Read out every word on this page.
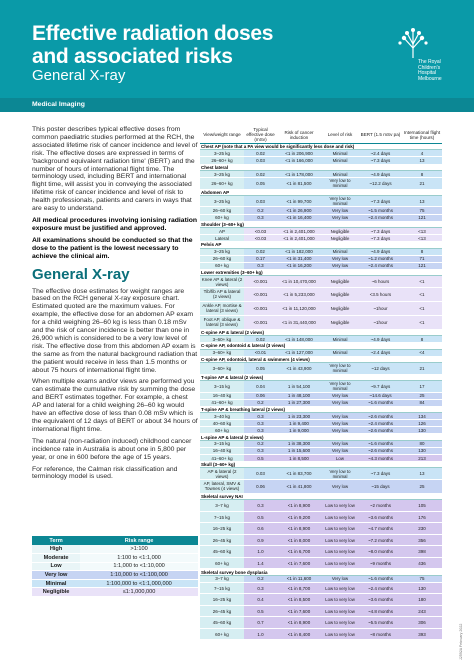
Effective radiation doses
and associated risks
General X-ray
The Royal
Children's
Hospital
Melbourne
Medical Imaging

This poster describes typical effective doses from common paediatric studies performed at the RCH, the associated lifetime risk of cancer incidence and level of risk. The effective doses are expressed in terms of 'background equivalent radiation time' (BERT) and the number of hours of international flight time. The terminology used, including BERT and international flight time, will assist you in conveying the associated lifetime risk of cancer incidence and level of risk to health professionals, patients and carers in ways that are easy to understand.

All medical procedures involving ionising radiation exposure must be justified and approved.

All examinations should be conducted so that the dose to the patient is the lowest necessary to achieve the clinical aim.

General X-ray

The effective dose estimates for weight ranges are based on the RCH general X-ray exposure chart. Estimated quoted are the maximum values. For example, the effective dose for an abdomen AP exam for a child weighing 26–60 kg is less than 0.18 mSv and the risk of cancer incidence is better than one in 26,900 which is considered to be a very low level of risk. The effective dose from this abdomen AP exam is the same as from the natural background radiation that the patient would receive in less than 1.5 months or about 75 hours of international flight time.

When multiple exams and/or views are performed you can estimate the cumulative risk by summing the dose and BERT estimates together. For example, a chest AP and lateral for a child weighing 26–60 kg would have an effective dose of less than 0.08 mSv which is the equivalent of 12 days of BERT or about 34 hours of international flight time.

The natural (non-radiation induced) childhood cancer incidence rate in Australia is about one in 5,800 per year, or one in 600 before the age of 15 years.

For reference, the Calman risk classification and terminology model is used.

Term	Risk range
High	>1:100
Moderate	1:100 to <1:1,000
Low	1:1,000 to <1:10,000
Very low	1:10,000 to <1:100,000
Minimal	1:100,000 to <1:1,000,000
Negligible	≤1:1,000,000
View/weight range	Typical effective dose (mSv)	Risk of cancer induction	Level of risk	BERT (1.5 mSv pa)	International flight time (hours)
Chest AP (note that a PA view would be significantly less dose and risk)					
3–25 kg	0.02	<1 in 206,900	Minimal	~2.4 days	4
26–60+ kg	0.03	<1 in 166,000	Minimal	~7.3 days	13
Chest lateral					
3–25 kg	0.02	<1 in 178,000	Minimal	~4.9 days	8
26–60+ kg	0.05	<1 in 81,500	Very low to minimal	~12.2 days	21
Abdomen AP					
3–25 kg	0.03	<1 in 99,700	Very low to minimal	~7.3 days	13
26–60 kg	0.2	<1 in 26,900	Very low	~1.5 months	75
60+ kg	0.3	<1 in 16,400	Very low	~2.4 months	121
Shoulder (3–60+ kg)					
AP	<0.03	<1 in 2,401,000	Negligible	~7.3 days	<13
Lateral	<0.03	<1 in 2,401,000	Negligible	~7.3 days	<13
Pelvis AP					
3–25 kg	0.02	<1 in 182,000	Minimal	~4.9 days	8
26–60 kg	0.17	<1 in 31,400	Very low	~1.2 months	71
60+ kg	0.3	<1 in 16,200	Very low	~2.4 months	121
Lower extremities (3–60+ kg)					
Knee AP & lateral (2 views)	<0.001	<1 in 10,470,000	Negligible	~6 hours	<1
Tib/fib AP & lateral (2 views)	<0.001	<1 in 5,233,000	Negligible	<3.5 hours	<1
Ankle AP, mortise & lateral (3 views)	<0.001	<1 in 11,120,000	Negligible	~1hour	<1
Foot AP, oblique & lateral (3 views)	<0.001	<1 in 31,440,000	Negligible	~1hour	<1
C-spine AP & lateral (2 views)					
3–60+ kg	0.02	<1 in 148,000	Minimal	~4.9 days	8
C-spine AP, odontoid & lateral (3 views)					
3–60+ kg	<0.01	<1 in 127,000	Minimal	~2.4 days	<4
C-spine AP, odontoid, lateral & swimmers (4 views)					
3–60+ kg	0.05	<1 in 43,900	Very low to minimal	~12 days	21
T-spine AP & lateral (2 views)					
3–15 kg	0.04	1 in 54,100	Very low to minimal	~9.7 days	17
16–40 kg	0.06	1 in 48,100	Very low	~14.6 days	25
41–60+ kg	0.2	1 in 27,300	Very low	~1.6 months	84
T-spine AP & breathing lateral (2 views)					
3–40 kg	0.3	1 in 23,300	Very low	~2.6 months	134
40–60 kg	0.3	1 in 9,400	Very low	~2.4 months	126
60+ kg	0.3	1 in 9,000	Very low	~2.6 months	130
L-spine AP & lateral (2 views)					
3–15 kg	0.2	1 in 38,300	Very low	~1.6 months	80
16–40 kg	0.3	1 in 15,600	Very low	~2.6 months	130
41–60+ kg	0.5	1 in 8,500	Low	~4.3 months	213
Skull (3–60+ kg)					
AP & lateral (2 views)	0.03	<1 in 83,700	Very low to minimal	~7.3 days	13
AP, lateral, SMV & Townes (4 views)	0.06	<1 in 41,800	Very low	~15 days	25
Skeletal survey NAI					
3–7 kg	0.3	<1 in 8,900	Low to very low	~2 months	105
7–15 kg	0.5	<1 in 9,200	Low to very low	~3.6 months	176
16–25 kg	0.6	<1 in 8,900	Low to very low	~4.7 months	230
26–45 kg	0.9	<1 in 8,000	Low to very low	~7.2 months	356
45–60 kg	1.0	<1 in 6,700	Low to very low	~8.0 months	398
60+ kg	1.4	<1 in 7,600	Low to very low	~9 months	436
Skeletal survey bone dysplasia					
3–7 kg	0.2	<1 in 11,600	Very low	~1.6 months	75
7–15 kg	0.3	<1 in 8,700	Low to very low	~2.4 months	130
16–25 kg	0.4	<1 in 8,500	Low to very low	~3.6 months	180
26–45 kg	0.5	<1 in 7,600	Low to very low	~4.8 months	243
45–60 kg	0.7	<1 in 8,900	Low to very low	~5.5 months	306
60+ kg	1.0	<1 in 8,400	Low to very low	~8 months	393	J2592A February 2022
